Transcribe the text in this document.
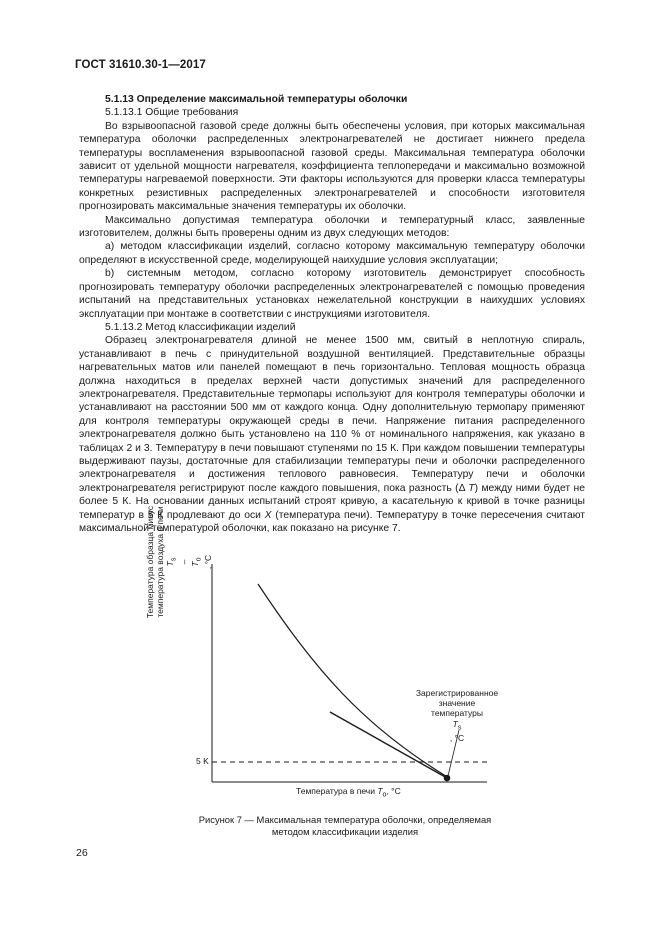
ГОСТ 31610.30-1—2017

5.1.13 Определение максимальной температуры оболочки

5.1.13.1 Общие требования

Во взрывоопасной газовой среде должны быть обеспечены условия, при которых максимальная температура оболочки распределенных электронагревателей не достигает нижнего предела температуры воспламенения взрывоопасной газовой среды. Максимальная температура оболочки зависит от удельной мощности нагревателя, коэффициента теплопередачи и максимально возможной температуры нагреваемой поверхности. Эти факторы используются для проверки класса температуры конкретных резистивных распределенных электронагревателей и способности изготовителя прогнозировать максимальные значения температуры их оболочки.

Максимально допустимая температура оболочки и температурный класс, заявленные изготовителем, должны быть проверены одним из двух следующих методов:

а) методом классификации изделий, согласно которому максимальную температуру оболочки определяют в искусственной среде, моделирующей наихудшие условия эксплуатации;

b) системным методом, согласно которому изготовитель демонстрирует способность прогнозировать температуру оболочки распределенных электронагревателей с помощью проведения испытаний на представительных установках нежелательной конструкции в наихудших условиях эксплуатации при монтаже в соответствии с инструкциями изготовителя.

5.1.13.2 Метод классификации изделий

Образец электронагревателя длиной не менее 1500 мм, свитый в неплотную спираль, устанавливают в печь с принудительной воздушной вентиляцией. Представительные образцы нагревательных матов или панелей помещают в печь горизонтально. Тепловая мощность образца должна находиться в пределах верхней части допустимых значений для распределенного электронагревателя. Представительные термопары используют для контроля температуры оболочки и устанавливают на расстоянии 500 мм от каждого конца. Одну дополнительную термопару применяют для контроля температуры окружающей среды в печи. Напряжение питания распределенного электронагревателя должно быть установлено на 110 % от номинального напряжения, как указано в таблицах 2 и 3. Температуру в печи повышают ступенями по 15 К. При каждом повышении температуры выдерживают паузы, достаточные для стабилизации температуры печи и оболочки распределенного электронагревателя и достижения теплового равновесия. Температуру печи и оболочки электронагревателя регистрируют после каждого повышения, пока разность (Δ T) между ними будет не более 5 К. На основании данных испытаний строят кривую, а касательную к кривой в точке разницы температур в 5 К продлевают до оси X (температура печи). Температуру в точке пересечения считают максимальной температурой оболочки, как показано на рисунке 7.

Температура образца минус температура воздуха в печи $T_s$
– $T_o$ , °С
Зарегистрированное
значение
температуры
$T_s$
, °С
5 K
Температура в печи $T_o$, °С
Рисунок 7 — Максимальная температура оболочки, определяемая
методом классификации изделия
26
